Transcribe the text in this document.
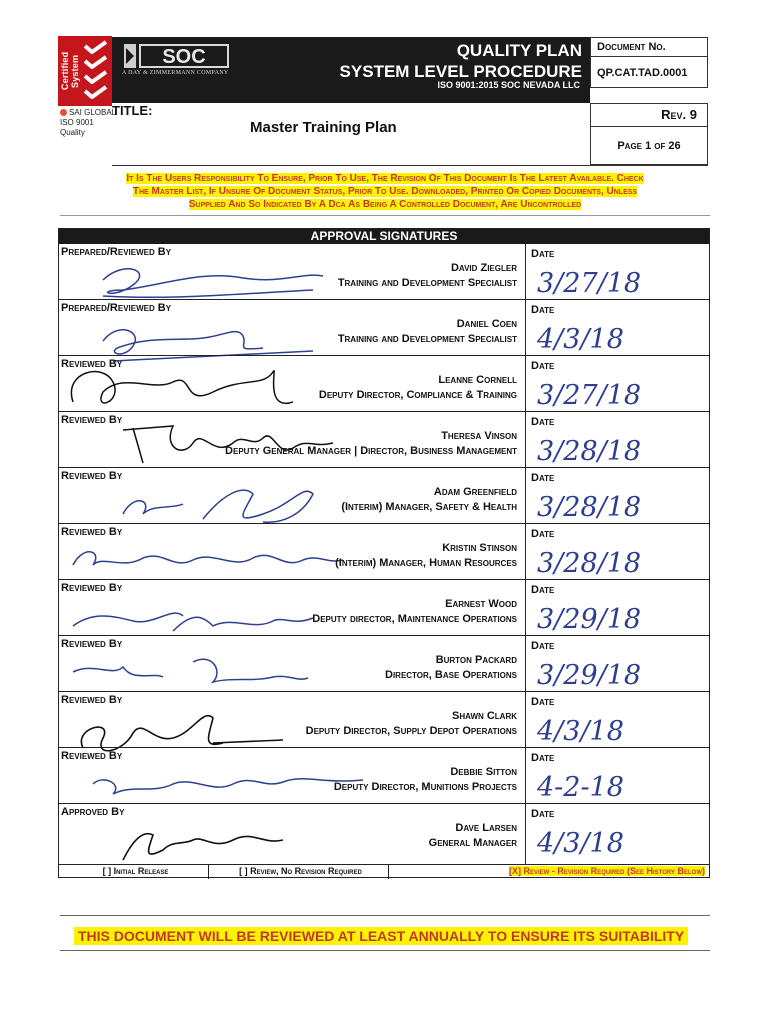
Certified System
SAI GLOBAL
ISO 9001
Quality
SOC
A DAY & ZIMMERMANN COMPANY
QUALITY PLAN
SYSTEM LEVEL PROCEDURE
ISO 9001:2015 SOC NEVADA LLC
Document No.
QP.CAT.TAD.0001
Rev. 9
Page 1 of 26
TITLE:
Master Training Plan
It Is The Users Responsibility To Ensure, Prior To Use, The Revision Of This Document Is The Latest Available. Check
The Master List, If Unsure Of Document Status, Prior To Use. Downloaded, Printed Or Copied Documents, Unless
Supplied And So Indicated By A Dca As Being A Controlled Document, Are Uncontrolled
APPROVAL SIGNATURES
Prepared/Reviewed By
David Ziegler
Training and Development Specialist
Date
3/27/18
Prepared/Reviewed By
Daniel Coen
Training and Development Specialist
Date
4/3/18
Reviewed By
Leanne Cornell
Deputy Director, Compliance & Training
Date
3/27/18
Reviewed By
Theresa Vinson
Deputy General Manager | Director, Business Management
Date
3/28/18
Reviewed By
Adam Greenfield
(Interim) Manager, Safety & Health
Date
3/28/18
Reviewed By
Kristin Stinson
(Interim) Manager, Human Resources
Date
3/28/18
Reviewed By
Earnest Wood
Deputy director, Maintenance Operations
Date
3/29/18
Reviewed By
Burton Packard
Director, Base Operations
Date
3/29/18
Reviewed By
Shawn Clark
Deputy Director, Supply Depot Operations
Date
4/3/18
Reviewed By
Debbie Sitton
Deputy Director, Munitions Projects
Date
4-2-18
Approved By
Dave Larsen
General Manager
Date
4/3/18
[ ] Initial Release	[ ] Review, No Revision Required	[X] Review - Revision Required (See History Below)
THIS DOCUMENT WILL BE REVIEWED AT LEAST ANNUALLY TO ENSURE ITS SUITABILITY
